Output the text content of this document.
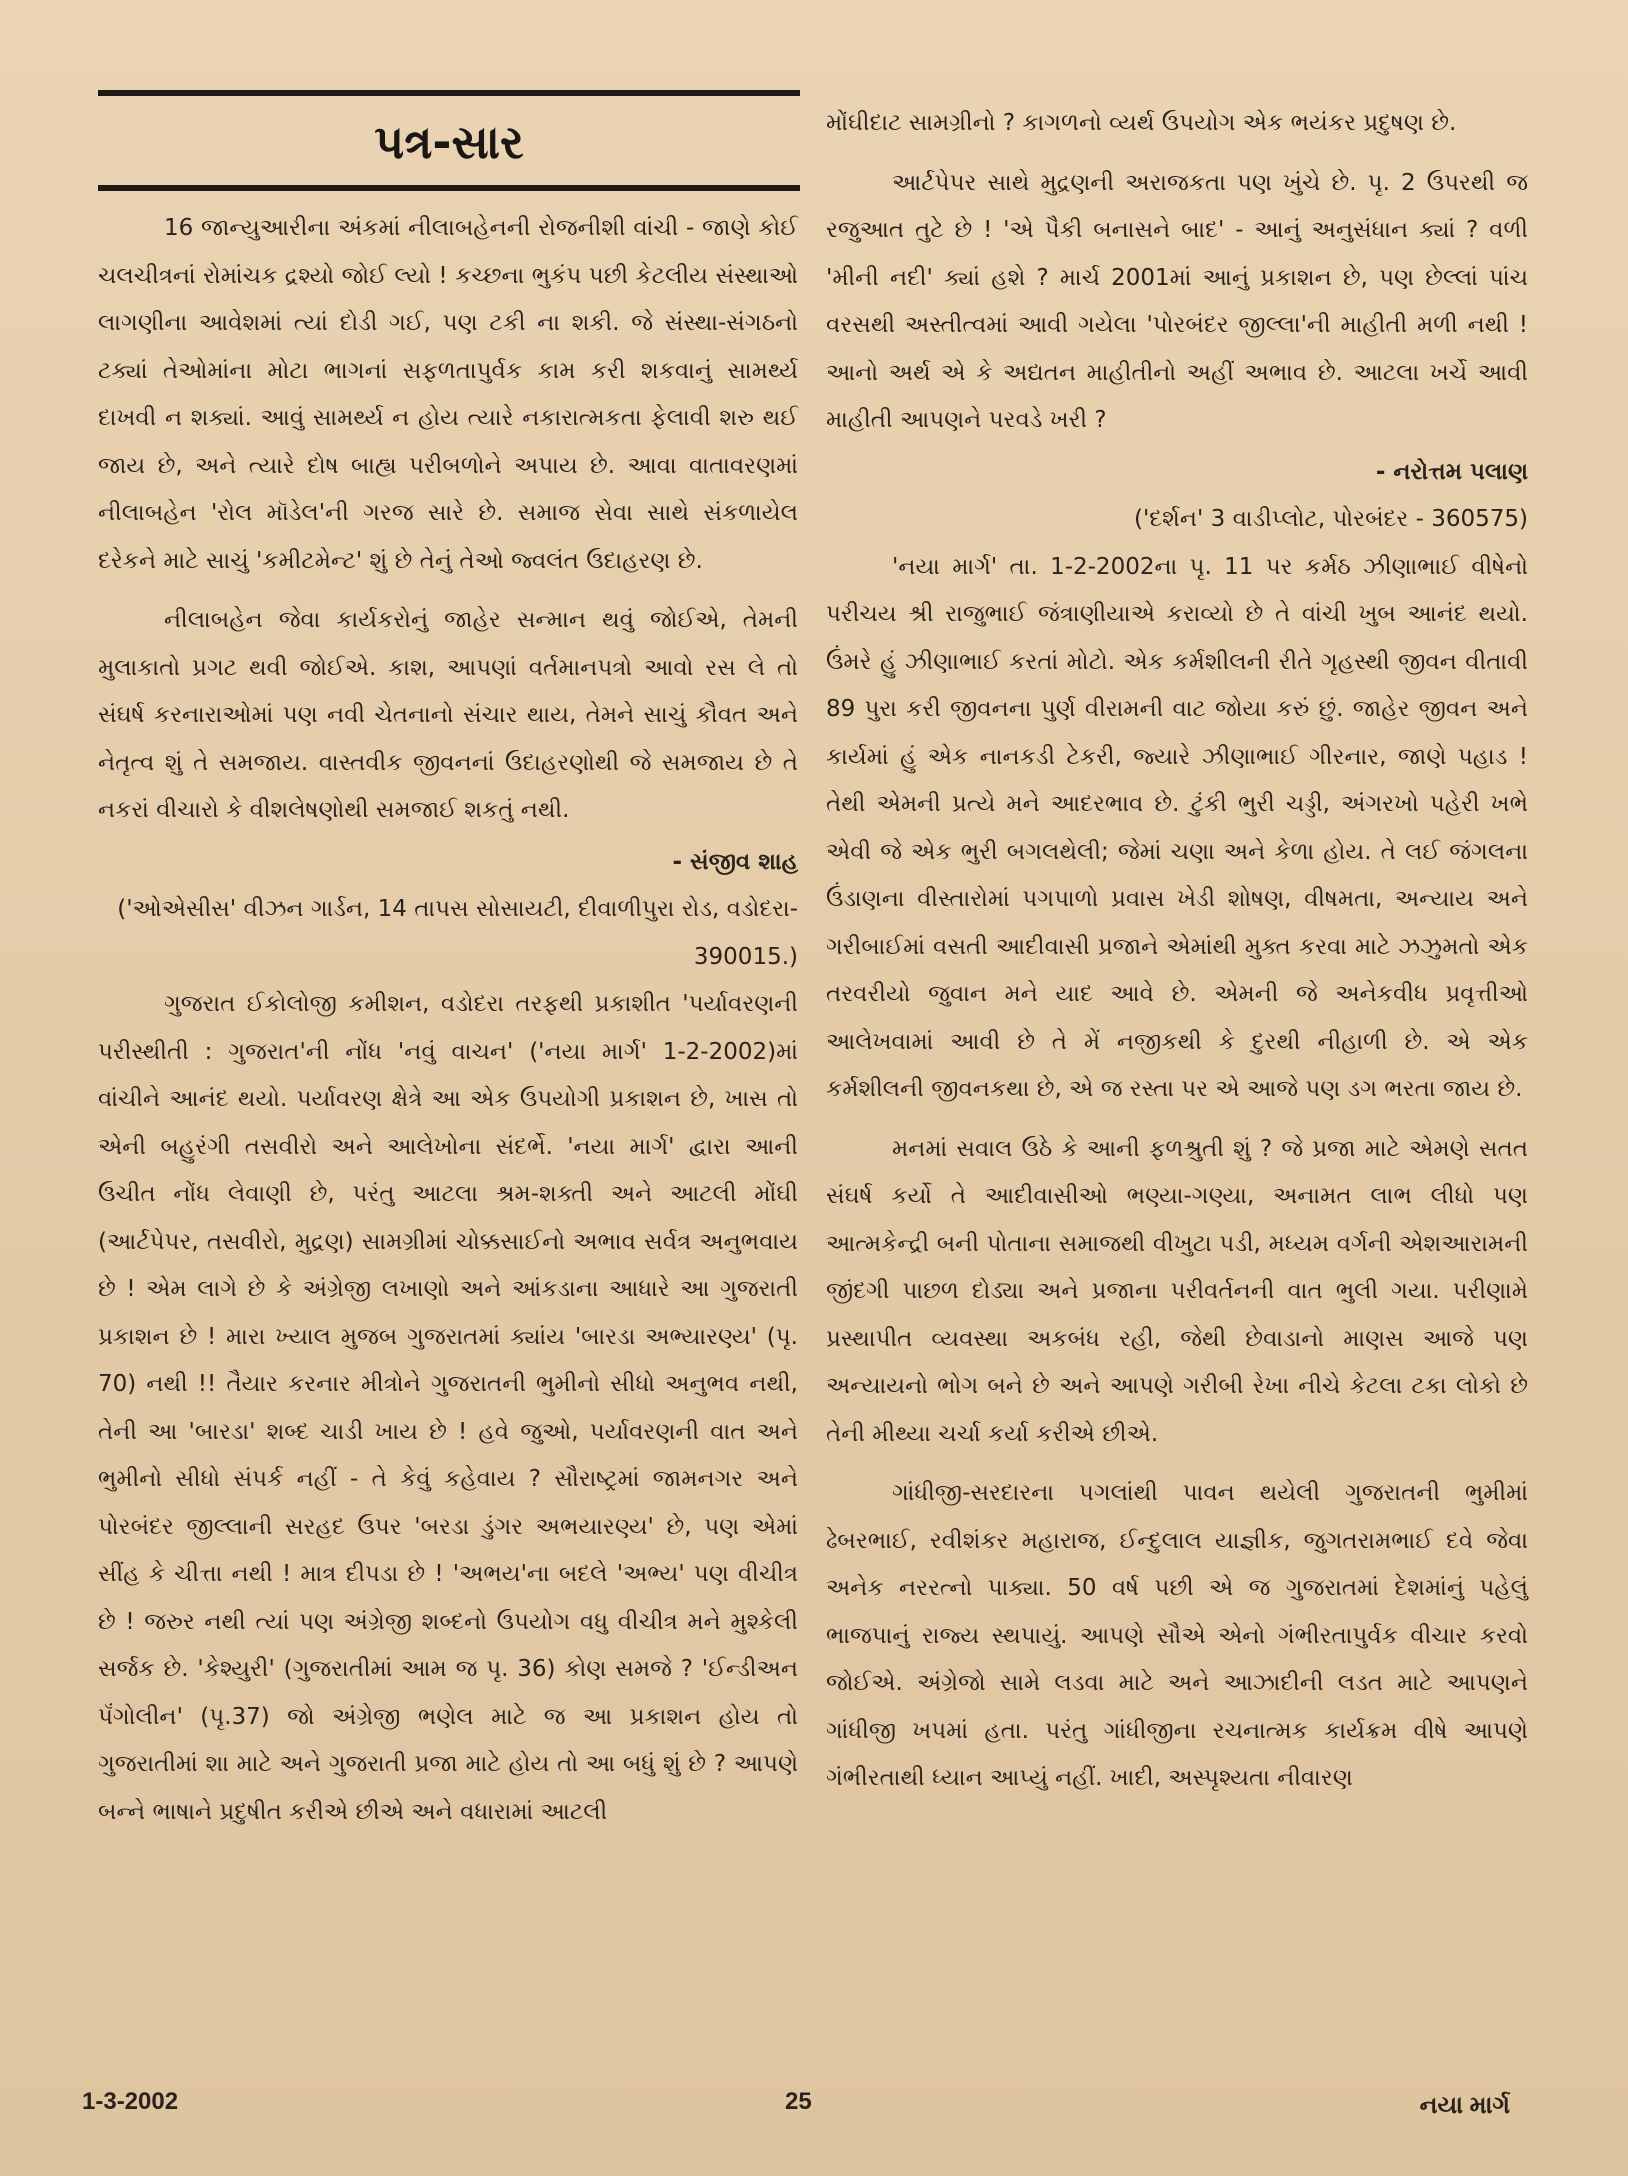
પત્ર-સાર

16 જાન્યુઆરીના અંકમાં નીલાબહેનની રોજનીશી વાંચી - જાણે કોઈ ચલચીત્રનાં રોમાંચક દ્રશ્યો જોઈ લ્યો ! કચ્છના ભુકંપ પછી કેટલીય સંસ્થાઓ લાગણીના આવેશમાં ત્યાં દોડી ગઈ, પણ ટકી ના શકી. જે સંસ્થા-સંગઠનો ટક્યાં તેઓમાંના મોટા ભાગનાં સફળતાપુર્વક કામ કરી શકવાનું સામર્થ્ય દાખવી ન શક્યાં. આવું સામર્થ્ય ન હોય ત્યારે નકારાત્મકતા ફેલાવી શરુ થઈ જાય છે, અને ત્યારે દોષ બાહ્ય પરીબળોને અપાય છે. આવા વાતાવરણમાં નીલાબહેન 'રોલ મૉડેલ'ની ગરજ સારે છે. સમાજ સેવા સાથે સંકળાયેલ દરેકને માટે સાચું 'કમીટમેન્ટ' શું છે તેનું તેઓ જ્વલંત ઉદાહરણ છે.

નીલાબહેન જેવા કાર્યકરોનું જાહેર સન્માન થવું જોઈએ, તેમની મુલાકાતો પ્રગટ થવી જોઈએ. કાશ, આપણાં વર્તમાનપત્રો આવો રસ લે તો સંઘર્ષ કરનારાઓમાં પણ નવી ચેતનાનો સંચાર થાય, તેમને સાચું કૌવત અને નેતૃત્વ શું તે સમજાય. વાસ્તવીક જીવનનાં ઉદાહરણોથી જે સમજાય છે તે નકરાં વીચારો કે વીશલેષણોથી સમજાઈ શકતું નથી.

- સંજીવ શાહ

('ઓએસીસ' વીઝન ગાર્ડન, 14 તાપસ સોસાયટી, દીવાળીપુરા રોડ, વડોદરા- 390015.)

ગુજરાત ઈકોલોજી કમીશન, વડોદરા તરફથી પ્રકાશીત 'પર્યાવરણની પરીસ્થીતી : ગુજરાત'ની નોંધ 'નવું વાચન' ('નયા માર્ગ' 1-2-2002)માં વાંચીને આનંદ થયો. પર્યાવરણ ક્ષેત્રે આ એક ઉપયોગી પ્રકાશન છે, ખાસ તો એની બહુરંગી તસવીરો અને આલેખોના સંદર્ભે. 'નયા માર્ગ' દ્વારા આની ઉચીત નોંધ લેવાણી છે, પરંતુ આટલા શ્રમ-શક્તી અને આટલી મોંઘી (આર્ટપેપર, તસવીરો, મુદ્રણ) સામગ્રીમાં ચોક્કસાઈનો અભાવ સર્વત્ર અનુભવાય છે ! એમ લાગે છે કે અંગ્રેજી લખાણો અને આંકડાના આધારે આ ગુજરાતી પ્રકાશન છે ! મારા ખ્યાલ મુજબ ગુજરાતમાં ક્યાંય 'બારડા અભ્યારણ્ય' (પૃ. 70) નથી !! તૈયાર કરનાર મીત્રોને ગુજરાતની ભુમીનો સીધો અનુભવ નથી, તેની આ 'બારડા' શબ્દ ચાડી ખાય છે ! હવે જુઓ, પર્યાવરણની વાત અને ભુમીનો સીધો સંપર્ક નહીં - તે કેવું કહેવાય ? સૌરાષ્ટ્રમાં જામનગર અને પોરબંદર જીલ્લાની સરહદ ઉપર 'બરડા ડુંગર અભયારણ્ય' છે, પણ એમાં સીંહ કે ચીત્તા નથી ! માત્ર દીપડા છે ! 'અભય'ના બદલે 'અભ્ય' પણ વીચીત્ર છે ! જરુર નથી ત્યાં પણ અંગ્રેજી શબ્દનો ઉપયોગ વધુ વીચીત્ર મને મુશ્કેલી સર્જક છે. 'કેશ્યુરી' (ગુજરાતીમાં આમ જ પૃ. 36) કોણ સમજે ? 'ઈન્ડીઅન પૅંગોલીન' (પૃ.37) જો અંગ્રેજી ભણેલ માટે જ આ પ્રકાશન હોય તો ગુજરાતીમાં શા માટે અને ગુજરાતી પ્રજા માટે હોય તો આ બધું શું છે ? આપણે બન્ને ભાષાને પ્રદુષીત કરીએ છીએ અને વધારામાં આટલી

મોંઘીદાટ સામગ્રીનો ? કાગળનો વ્યર્થ ઉપયોગ એક ભયંકર પ્રદુષણ છે.

આર્ટપેપર સાથે મુદ્રણની અરાજકતા પણ ખુંચે છે. પૃ. 2 ઉપરથી જ રજુઆત તુટે છે ! 'એ પૈકી બનાસને બાદ' - આનું અનુસંધાન ક્યાં ? વળી 'મીની નદી' ક્યાં હશે ? માર્ચ 2001માં આનું પ્રકાશન છે, પણ છેલ્લાં પાંચ વરસથી અસ્તીત્વમાં આવી ગયેલા 'પોરબંદર જીલ્લા'ની માહીતી મળી નથી ! આનો અર્થ એ કે અદ્યતન માહીતીનો અહીં અભાવ છે. આટલા ખર્ચે આવી માહીતી આપણને પરવડે ખરી ?

- નરોત્તમ પલાણ

('દર્શન' 3 વાડીપ્લોટ, પોરબંદર - 360575)

'નયા માર્ગ' તા. 1-2-2002ના પૃ. 11 પર કર્મઠ ઝીણાભાઈ વીષેનો પરીચય શ્રી રાજુભાઈ જંત્રાણીયાએ કરાવ્યો છે તે વાંચી ખુબ આનંદ થયો. ઉંમરે હું ઝીણાભાઈ કરતાં મોટો. એક કર્મશીલની રીતે ગૃહસ્થી જીવન વીતાવી 89 પુરા કરી જીવનના પુર્ણ વીરામની વાટ જોયા કરું છું. જાહેર જીવન અને કાર્યમાં હું એક નાનકડી ટેકરી, જ્યારે ઝીણાભાઈ ગીરનાર, જાણે પહાડ ! તેથી એમની પ્રત્યે મને આદરભાવ છે. ટુંકી ભુરી ચડ્ડી, અંગરખો પહેરી ખભે એવી જે એક ભુરી બગલથેલી; જેમાં ચણા અને કેળા હોય. તે લઈ જંગલના ઉંડાણના વીસ્તારોમાં પગપાળો પ્રવાસ ખેડી શોષણ, વીષમતા, અન્યાય અને ગરીબાઈમાં વસતી આદીવાસી પ્રજાને એમાંથી મુક્ત કરવા માટે ઝઝુમતો એક તરવરીયો જુવાન મને યાદ આવે છે. એમની જે અનેકવીધ પ્રવૃત્તીઓ આલેખવામાં આવી છે તે મેં નજીકથી કે દુરથી નીહાળી છે. એ એક કર્મશીલની જીવનકથા છે, એ જ રસ્તા પર એ આજે પણ ડગ ભરતા જાય છે.

મનમાં સવાલ ઉઠે કે આની ફળશ્રુતી શું ? જે પ્રજા માટે એમણે સતત સંઘર્ષ કર્યો તે આદીવાસીઓ ભણ્યા-ગણ્યા, અનામત લાભ લીધો પણ આત્મકેન્દ્રી બની પોતાના સમાજથી વીખુટા પડી, મધ્યમ વર્ગની એશઆરામની જીંદગી પાછળ દોડ્યા અને પ્રજાના પરીવર્તનની વાત ભુલી ગયા. પરીણામે પ્રસ્થાપીત વ્યવસ્થા અકબંધ રહી, જેથી છેવાડાનો માણસ આજે પણ અન્યાયનો ભોગ બને છે અને આપણે ગરીબી રેખા નીચે કેટલા ટકા લોકો છે તેની મીથ્યા ચર્ચા કર્યા કરીએ છીએ.

ગાંધીજી-સરદારના પગલાંથી પાવન થયેલી ગુજરાતની ભુમીમાં ઢેબરભાઈ, રવીશંકર મહારાજ, ઈન્દુલાલ યાજ્ઞીક, જુગતરામભાઈ દવે જેવા અનેક નરરત્નો પાક્યા. 50 વર્ષ પછી એ જ ગુજરાતમાં દેશમાંનું પહેલું ભાજપાનું રાજ્ય સ્થપાયું. આપણે સૌએ એનો ગંભીરતાપુર્વક વીચાર કરવો જોઈએ. અંગ્રેજો સામે લડવા માટે અને આઝાદીની લડત માટે આપણને ગાંધીજી ખપમાં હતા. પરંતુ ગાંધીજીના રચનાત્મક કાર્યક્રમ વીષે આપણે ગંભીરતાથી ધ્યાન આપ્યું નહીં. ખાદી, અસ્પૃશ્યતા નીવારણ

1-3-2002	25	નયા માર્ગ
